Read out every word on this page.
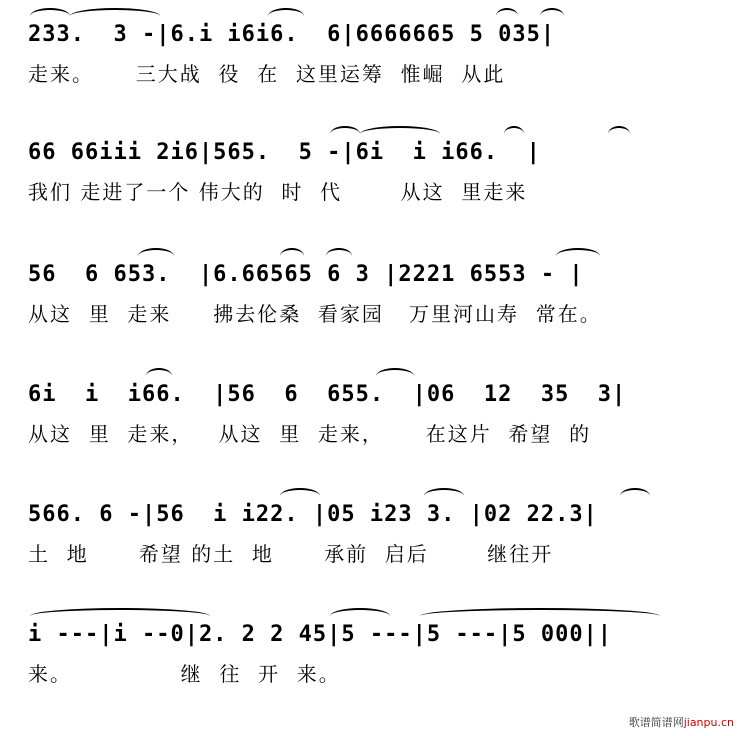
233.  3 -|6.i i6i6.  6|6666665 5 035|
走来。     三大战  役  在  这里运筹  惟崛  从此
66 66iii 2i6|565.  5 -|6i  i i66.  |
我们 走进了一个 伟大的  时  代       从这  里走来
56  6 653.  |6.66565 6 3 |2221 6553 - |
从这  里  走来     拂去伦桑  看家园   万里河山寿  常在。
6i  i  i66.  |56  6  655.  |06  12  35  3|
从这  里  走来，   从这  里  走来，     在这片  希望  的
566. 6 -|56  i i22. |05 i23 3. |02 22.3|
土  地      希望 的土  地      承前  启后       继往开
i ---|i --0|2. 2 2 45|5 ---|5 ---|5 000||
来。             继  往  开  来。
歌谱简谱网jianpu.cn
